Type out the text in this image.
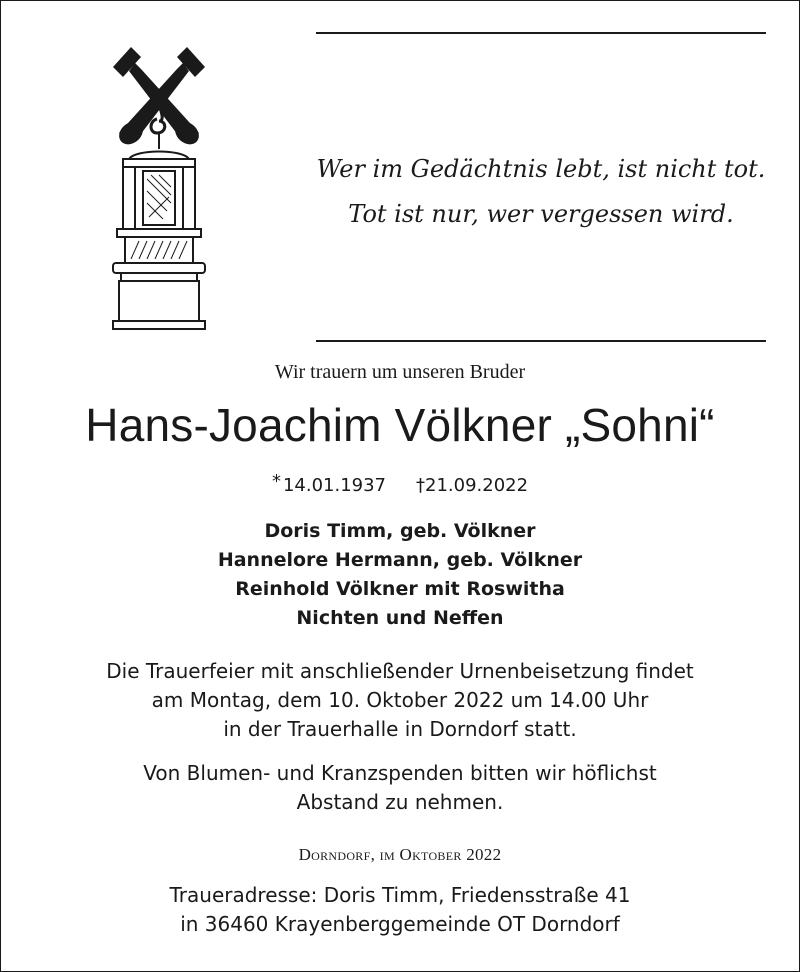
Wer im Gedächtnis lebt, ist nicht tot.
Tot ist nur, wer vergessen wird.
Wir trauern um unseren Bruder
Hans-Joachim Völkner „Sohni“
* 14.01.1937 †21.09.2022
Doris Timm, geb. Völkner
Hannelore Hermann, geb. Völkner
Reinhold Völkner mit Roswitha
Nichten und Neffen
Die Trauerfeier mit anschließender Urnenbeisetzung findet
am Montag, dem 10. Oktober 2022 um 14.00 Uhr
in der Trauerhalle in Dorndorf statt.
Von Blumen- und Kranzspenden bitten wir höflichst
Abstand zu nehmen.
Dorndorf, im Oktober 2022
Traueradresse: Doris Timm, Friedensstraße 41
in 36460 Krayenberggemeinde OT Dorndorf
